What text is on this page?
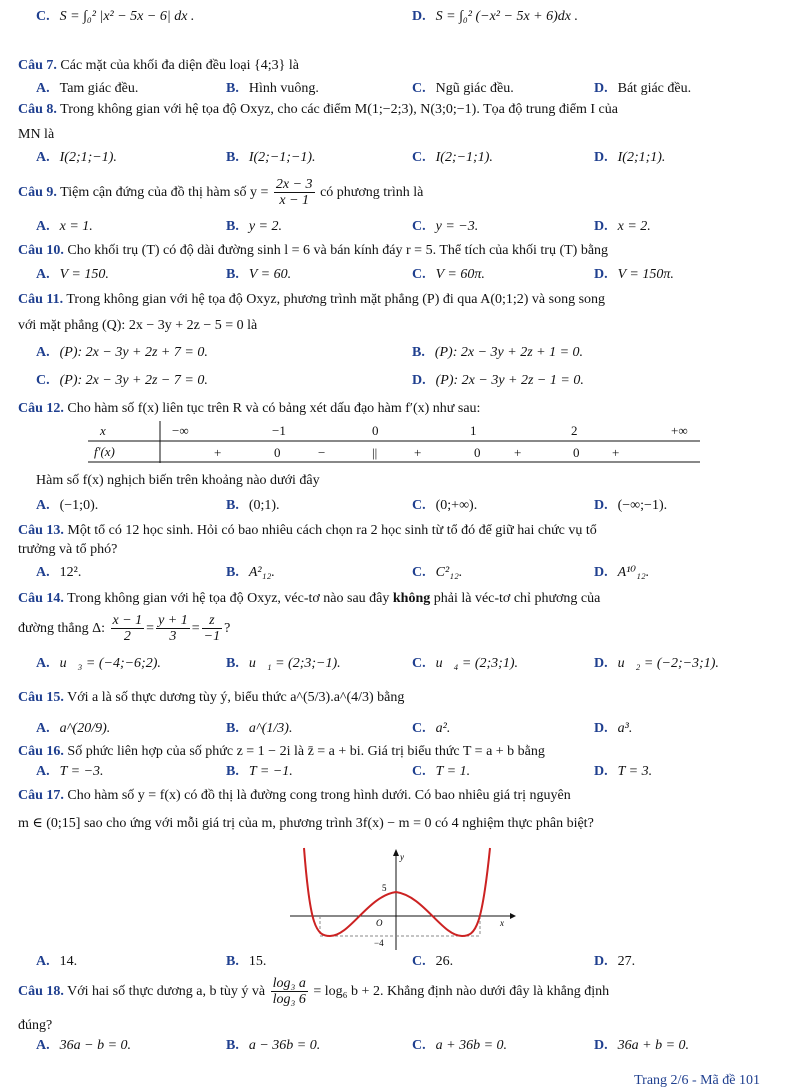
C. S = ∫₀² |x² − 5x − 6| dx .	D. S = ∫₀² (−x² − 5x + 6)dx .
Câu 7. Các mặt của khối đa diện đều loại {4;3} là
A. Tam giác đều.	B. Hình vuông.	C. Ngũ giác đều.	D. Bát giác đều.
Câu 8. Trong không gian với hệ tọa độ Oxyz, cho các điểm M(1;−2;3), N(3;0;−1). Tọa độ trung điểm I của
MN là
A. I(2;1;−1).	B. I(2;−1;−1).	C. I(2;−1;1).	D. I(2;1;1).
Câu 9. Tiệm cận đứng của đồ thị hàm số $y = \frac{2x - 3}{x - 1}$ có phương trình là
A. x = 1.	B. y = 2.	C. y = −3.	D. x = 2.
Câu 10. Cho khối trụ (T) có độ dài đường sinh l = 6 và bán kính đáy r = 5. Thể tích của khối trụ (T) bằng
A. V = 150.	B. V = 60.	C. V = 60π.	D. V = 150π.
Câu 11. Trong không gian với hệ tọa độ Oxyz, phương trình mặt phẳng (P) đi qua A(0;1;2) và song song
với mặt phẳng (Q): 2x − 3y + 2z − 5 = 0 là
A. (P): 2x − 3y + 2z + 7 = 0.	B. (P): 2x − 3y + 2z + 1 = 0.
C. (P): 2x − 3y + 2z − 7 = 0.	D. (P): 2x − 3y + 2z − 1 = 0.
Câu 12. Cho hàm số f(x) liên tục trên R và có bảng xét dấu đạo hàm f′(x) như sau:
x	−∞	−1	0	1	2	+∞
f′(x)	+	0	−	||	+	0	+	0	+
Hàm số f(x) nghịch biến trên khoảng nào dưới đây
A. (−1;0).	B. (0;1).	C. (0;+∞).	D. (−∞;−1).
Câu 13. Một tổ có 12 học sinh. Hỏi có bao nhiêu cách chọn ra 2 học sinh từ tổ đó để giữ hai chức vụ tổ
trưởng và tổ phó?
A. 12².	B. A²₁₂.	C. C²₁₂.	D. A¹⁰₁₂.
Câu 14. Trong không gian với hệ tọa độ Oxyz, véc-tơ nào sau đây không phải là véc-tơ chỉ phương của
đường thẳng Δ: $\frac{x - 1}{2} = \frac{y + 1}{3} = \frac{z}{-1}$ ?
A. u⃗₃ = (−4;−6;2).	B. u⃗₁ = (2;3;−1).	C. u⃗₄ = (2;3;1).	D. u⃗₂ = (−2;−3;1).
Câu 15. Với a là số thực dương tùy ý, biểu thức a^(5/3).a^(4/3) bằng
A. a^(20/9).	B. a^(1/3).	C. a².	D. a³.
Câu 16. Số phức liên hợp của số phức z = 1 − 2i là z̄ = a + bi. Giá trị biểu thức T = a + b bằng
A. T = −3.	B. T = −1.	C. T = 1.	D. T = 3.
Câu 17. Cho hàm số y = f(x) có đồ thị là đường cong trong hình dưới. Có bao nhiêu giá trị nguyên
m ∈ (0;15] sao cho ứng với mỗi giá trị của m, phương trình 3f(x) − m = 0 có 4 nghiệm thực phân biệt?
y
x
5
O
−4
A. 14.	B. 15.	C. 26.	D. 27.
Câu 18. Với hai số thực dương a, b tùy ý và $\frac{\text{log₃ a}}{\text{log₃ 6}} = \log_6$ b + 2. Khẳng định nào dưới đây là khẳng định
đúng?
A. 36a − b = 0.	B. a − 36b = 0.	C. a + 36b = 0.	D. 36a + b = 0.
Trang 2/6 - Mã đề 101
